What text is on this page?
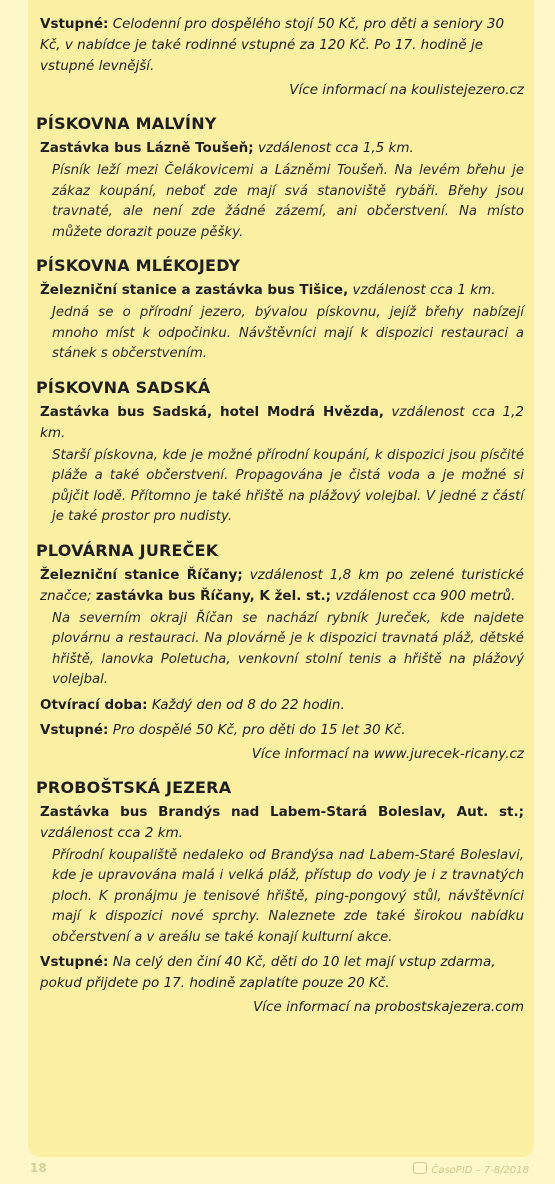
Vstupné: Celodenní pro dospělého stojí 50 Kč, pro děti a seniory 30 Kč, v nabídce je také rodinné vstupné za 120 Kč. Po 17. hodině je vstupné levnější.

Více informací na koulistejezero.cz

PÍSKOVNA MALVÍNY

Zastávka bus Lázně Toušeň; vzdálenost cca 1,5 km.

Písník leží mezi Čelákovicemi a Lázněmi Toušeň. Na levém břehu je zákaz koupání, neboť zde mají svá stanoviště rybáři. Břehy jsou travnaté, ale není zde žádné zázemí, ani občerstvení. Na místo můžete dorazit pouze pěšky.

PÍSKOVNA MLÉKOJEDY

Železniční stanice a zastávka bus Tišice, vzdálenost cca 1 km.

Jedná se o přírodní jezero, bývalou pískovnu, jejíž břehy nabízejí mnoho míst k odpočinku. Návštěvníci mají k dispozici restauraci a stánek s občerstvením.

PÍSKOVNA SADSKÁ

Zastávka bus Sadská, hotel Modrá Hvězda, vzdálenost cca 1,2 km.

Starší pískovna, kde je možné přírodní koupání, k dispozici jsou písčité pláže a také občerstvení. Propagována je čistá voda a je možné si půjčit lodě. Přítomno je také hřiště na plážový volejbal. V jedné z částí je také prostor pro nudisty.

PLOVÁRNA JUREČEK

Železniční stanice Říčany; vzdálenost 1,8 km po zelené turistické značce; zastávka bus Říčany, K žel. st.; vzdálenost cca 900 metrů.

Na severním okraji Říčan se nachází rybník Jureček, kde najdete plovárnu a restauraci. Na plovárně je k dispozici travnatá pláž, dětské hřiště, lanovka Poletucha, venkovní stolní tenis a hřiště na plážový volejbal.

Otvírací doba: Každý den od 8 do 22 hodin.

Vstupné: Pro dospělé 50 Kč, pro děti do 15 let 30 Kč.

Více informací na www.jurecek-ricany.cz

PROBOŠTSKÁ JEZERA

Zastávka bus Brandýs nad Labem-Stará Boleslav, Aut. st.; vzdálenost cca 2 km.

Přírodní koupaliště nedaleko od Brandýsa nad Labem-Staré Boleslavi, kde je upravována malá i velká pláž, přístup do vody je i z travnatých ploch. K pronájmu je tenisové hřiště, ping-pongový stůl, návštěvníci mají k dispozici nové sprchy. Naleznete zde také širokou nabídku občerstvení a v areálu se také konají kulturní akce.

Vstupné: Na celý den činí 40 Kč, děti do 10 let mají vstup zdarma, pokud přijdete po 17. hodině zaplatíte pouze 20 Kč.

Více informací na probostskajezera.com

18	ČasoPID – 7-8/2018
